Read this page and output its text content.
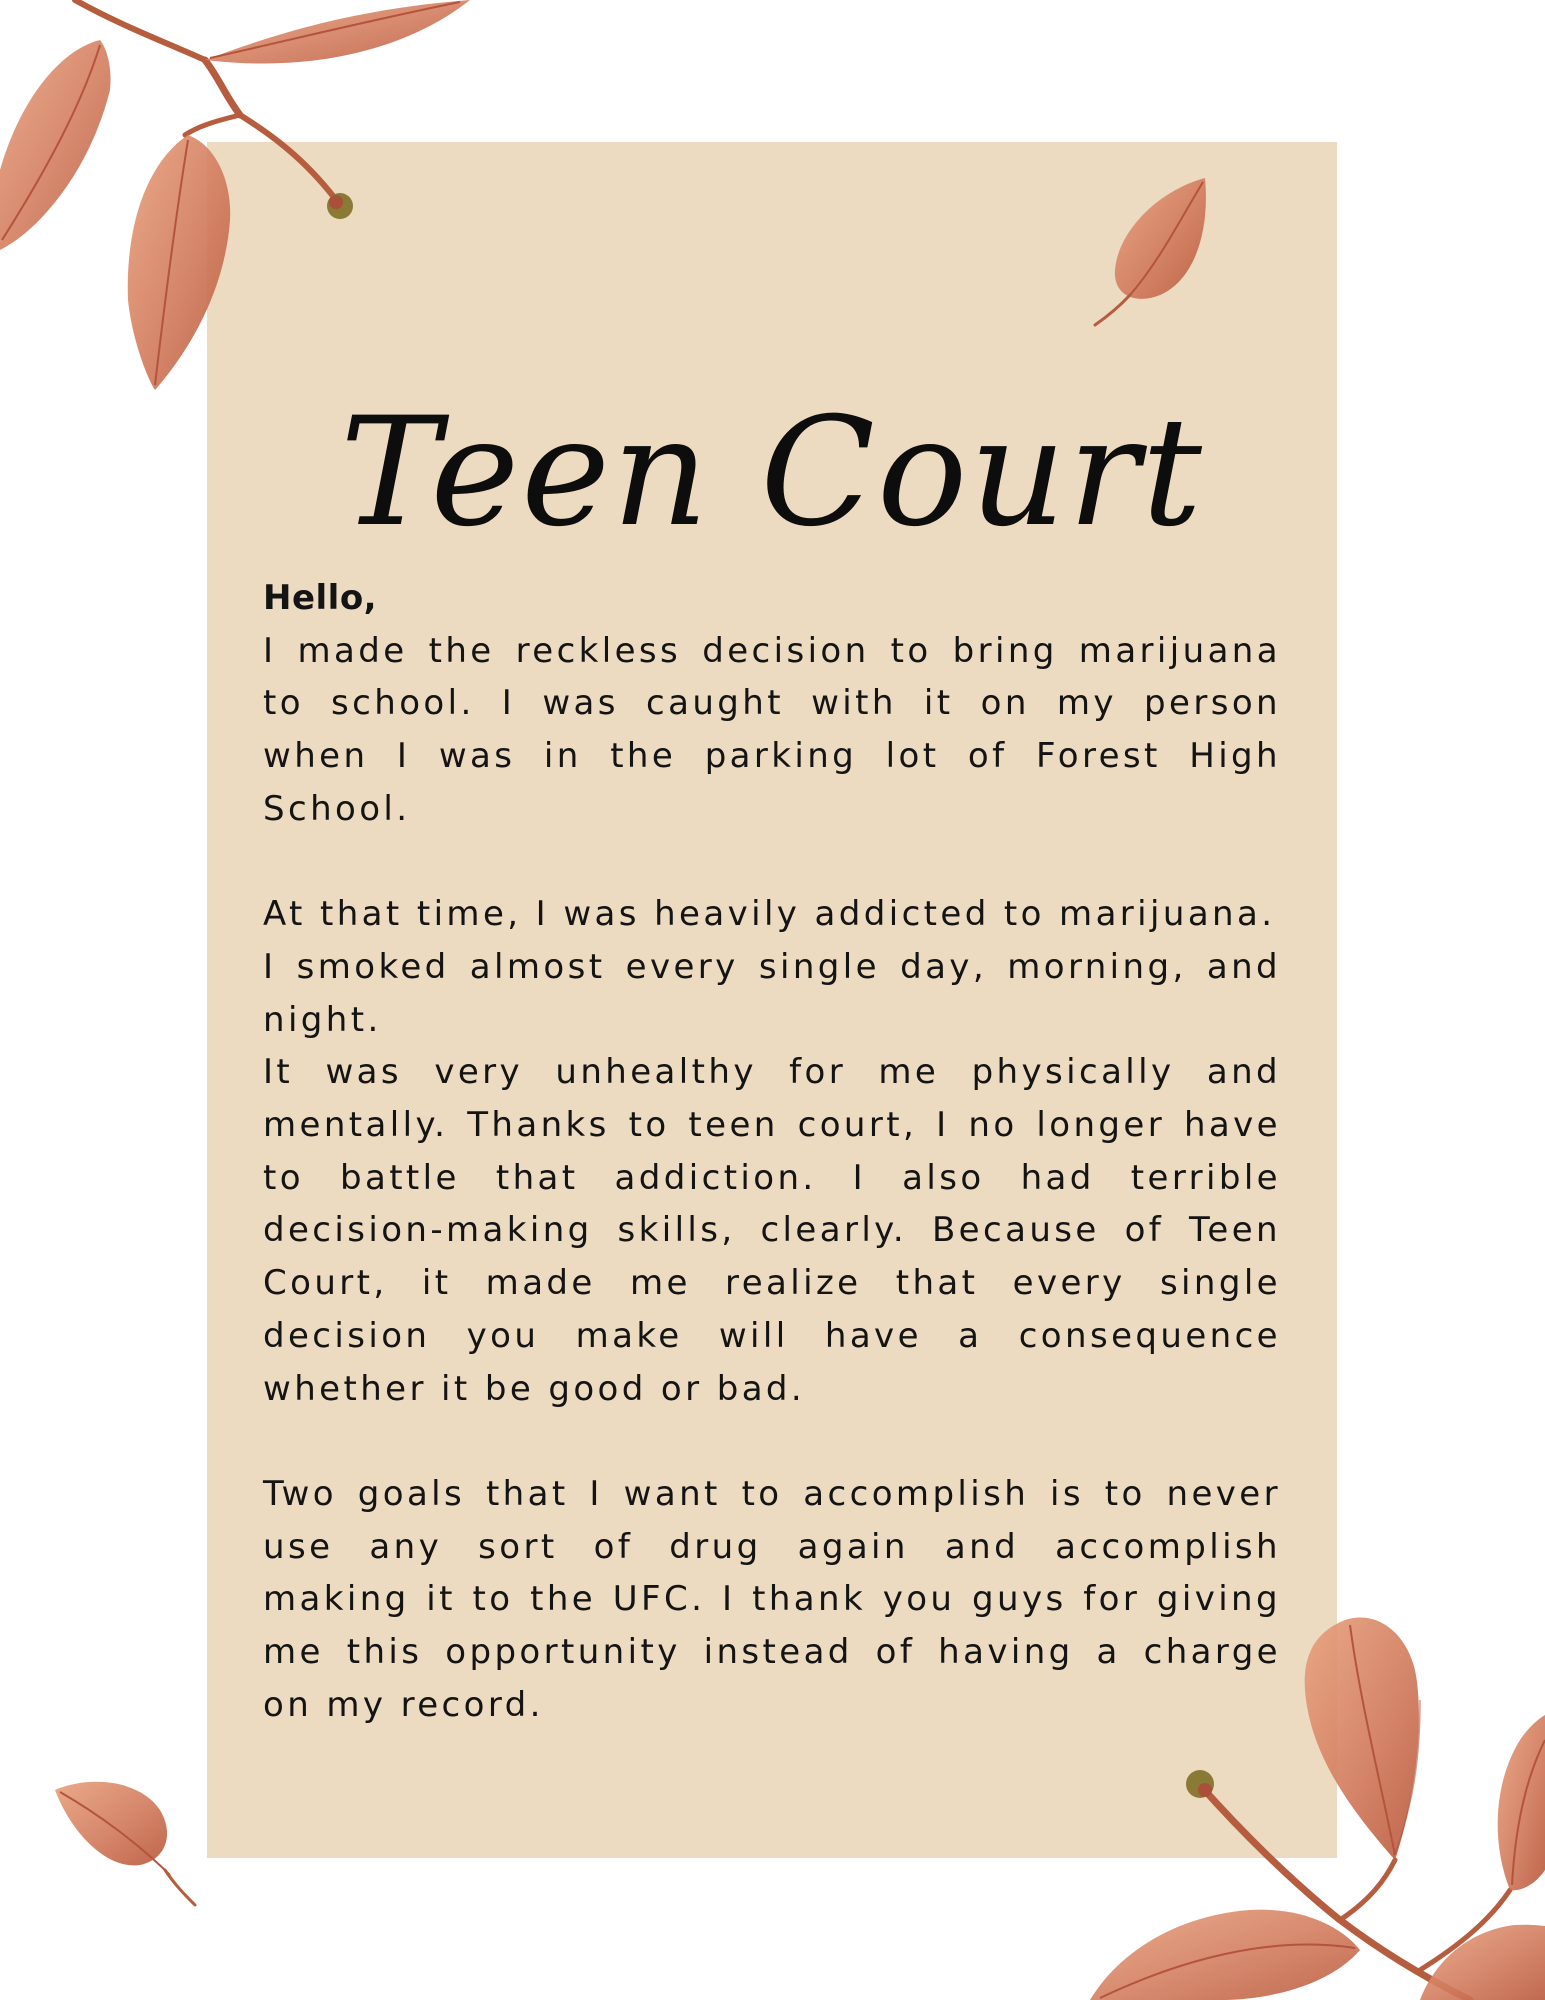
Teen Court

Hello,

I made the reckless decision to bring marijuana to school. I was caught with it on my person when I was in the parking lot of Forest High School.

At that time, I was heavily addicted to marijuana.

I smoked almost every single day, morning, and night.

It was very unhealthy for me physically and mentally. Thanks to teen court, I no longer have to battle that addiction. I also had terrible decision-making skills, clearly. Because of Teen Court, it made me realize that every single decision you make will have a consequence whether it be good or bad.

Two goals that I want to accomplish is to never use any sort of drug again and accomplish making it to the UFC. I thank you guys for giving me this opportunity instead of having a charge on my record.
